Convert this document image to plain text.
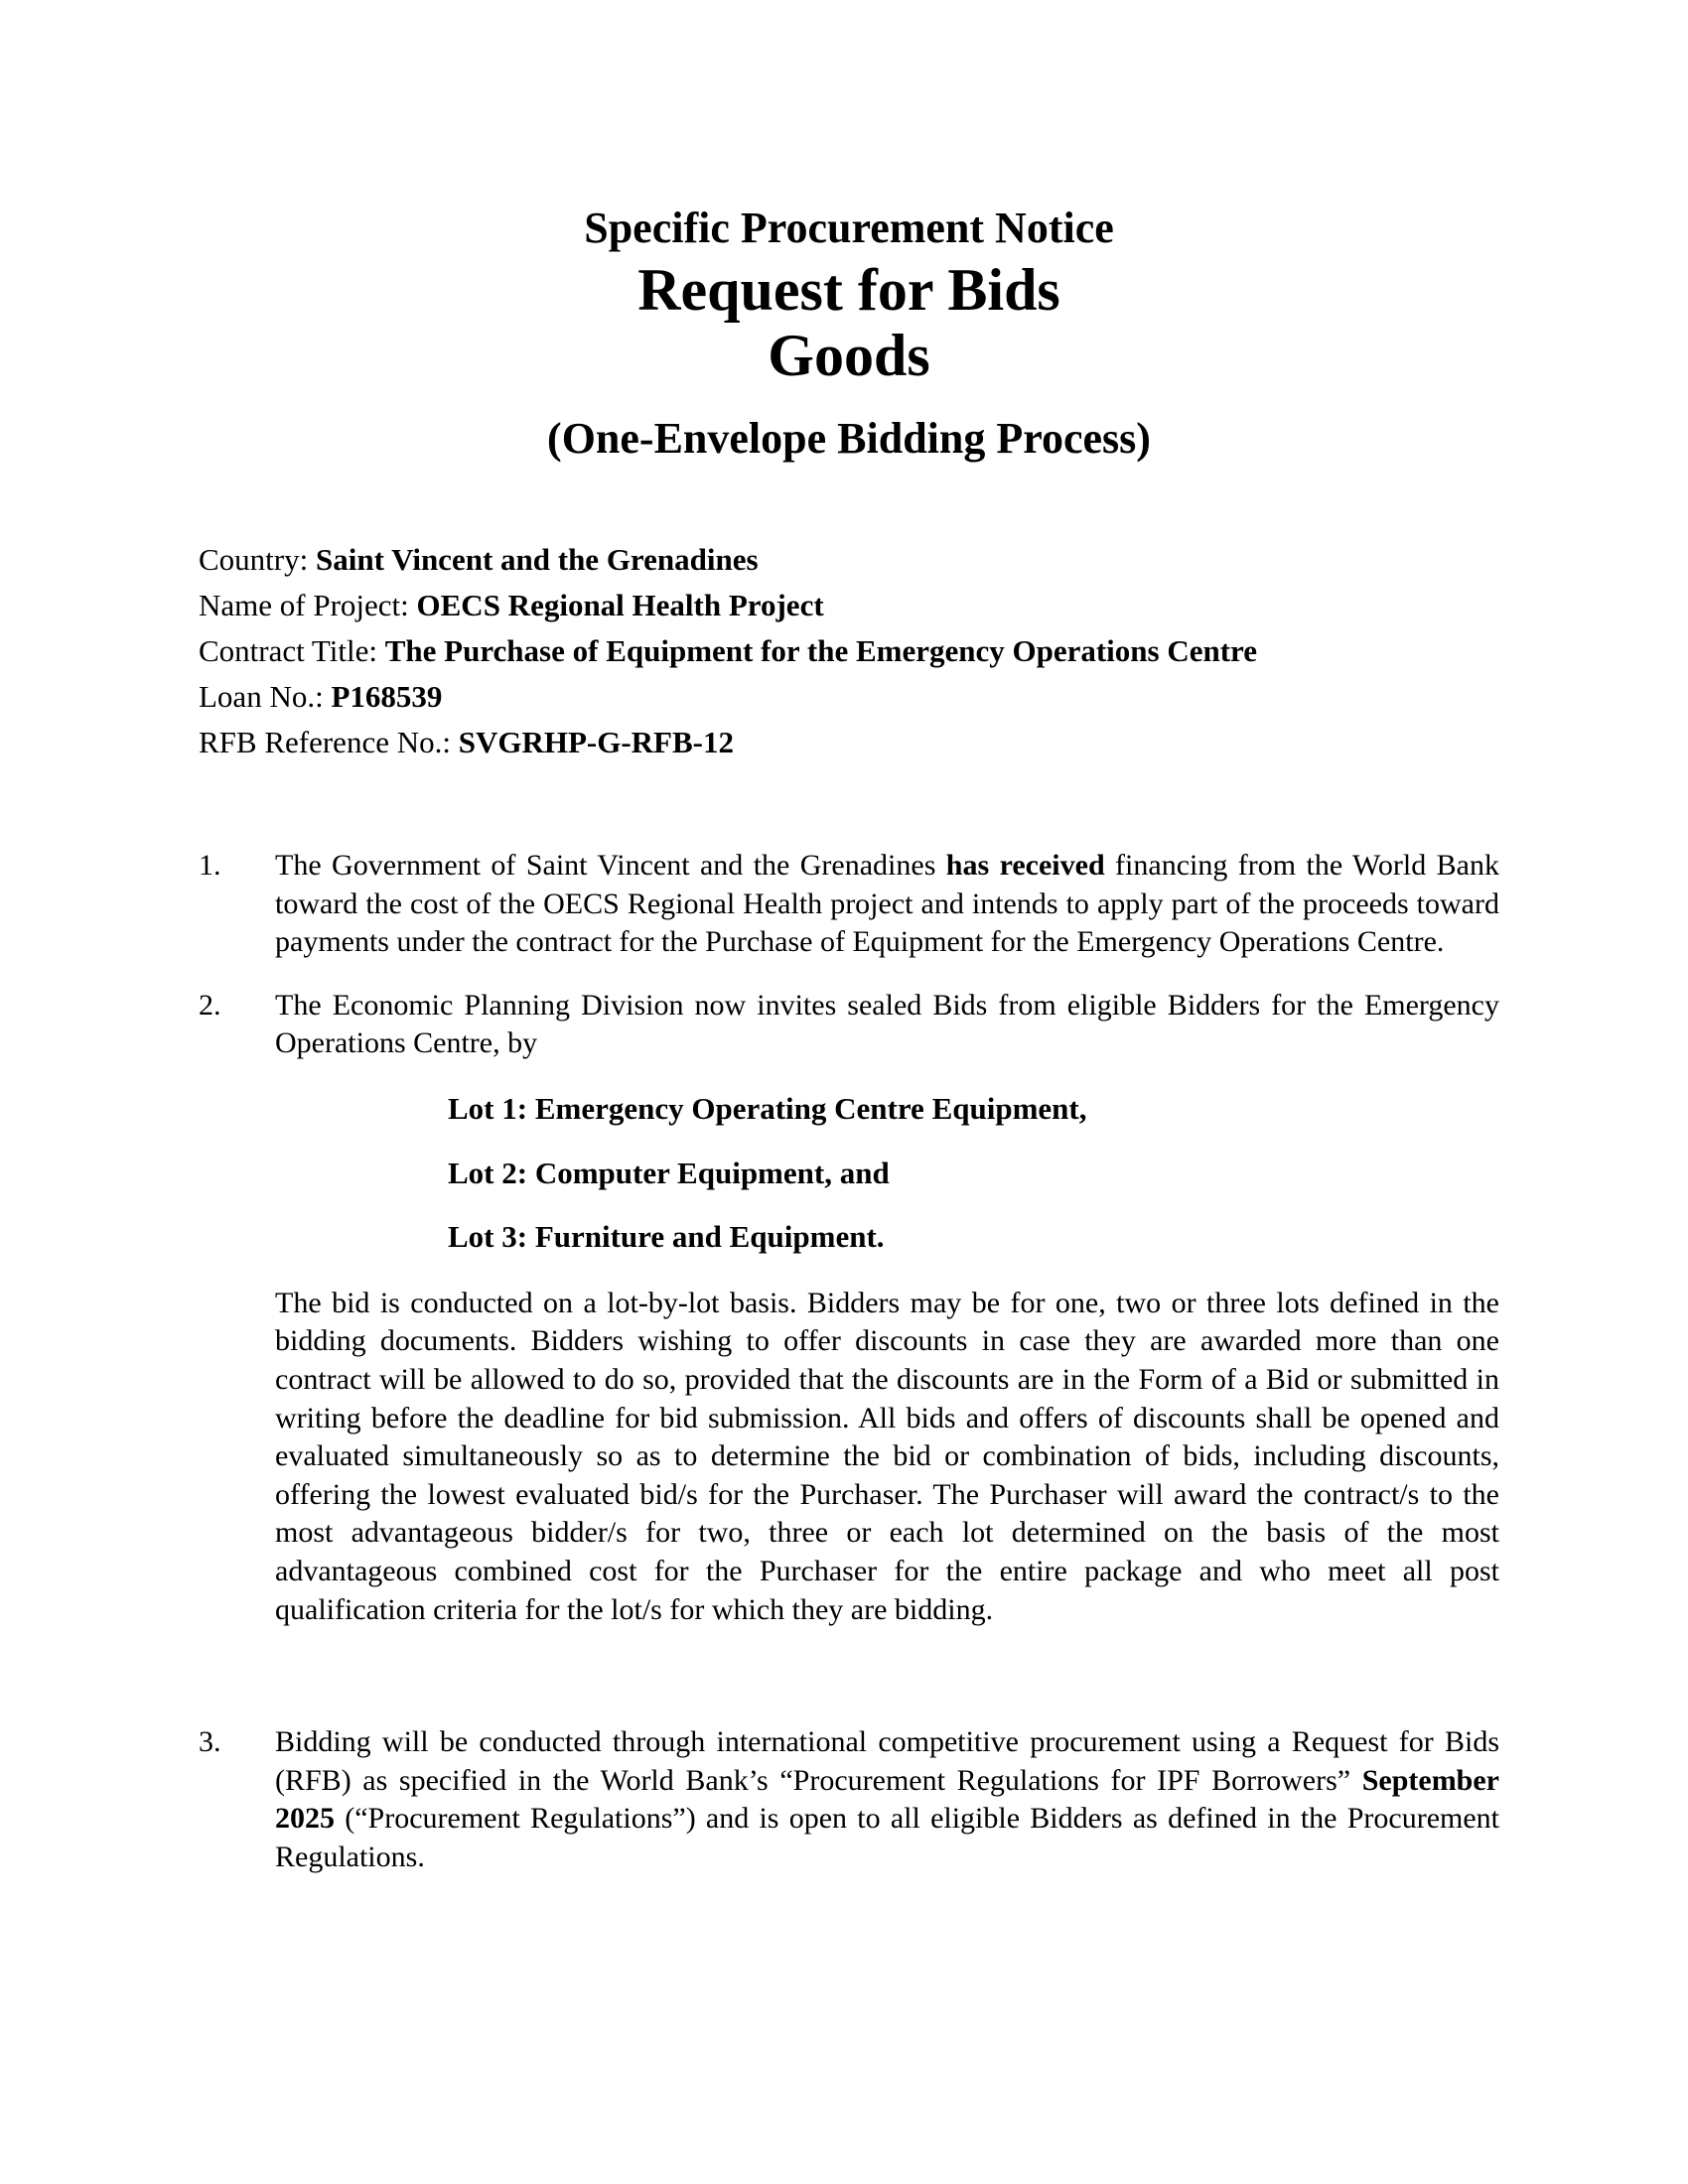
Specific Procurement Notice
Request for Bids
Goods
(One-Envelope Bidding Process)
Country: Saint Vincent and the Grenadines
Name of Project: OECS Regional Health Project
Contract Title: The Purchase of Equipment for the Emergency Operations Centre
Loan No.: P168539
RFB Reference No.: SVGRHP-G-RFB-12
1.	The Government of Saint Vincent and the Grenadines has received financing from the World Bank toward the cost of the OECS Regional Health project and intends to apply part of the proceeds toward payments under the contract for the Purchase of Equipment for the Emergency Operations Centre.
2.	The Economic Planning Division now invites sealed Bids from eligible Bidders for the Emergency Operations Centre, by
Lot 1: Emergency Operating Centre Equipment,
Lot 2: Computer Equipment, and
Lot 3: Furniture and Equipment.
The bid is conducted on a lot-by-lot basis. Bidders may be for one, two or three lots defined in the bidding documents. Bidders wishing to offer discounts in case they are awarded more than one contract will be allowed to do so, provided that the discounts are in the Form of a Bid or submitted in writing before the deadline for bid submission. All bids and offers of discounts shall be opened and evaluated simultaneously so as to determine the bid or combination of bids, including discounts, offering the lowest evaluated bid/s for the Purchaser. The Purchaser will award the contract/s to the most advantageous bidder/s for two, three or each lot determined on the basis of the most advantageous combined cost for the Purchaser for the entire package and who meet all post qualification criteria for the lot/s for which they are bidding.
3.	Bidding will be conducted through international competitive procurement using a Request for Bids (RFB) as specified in the World Bank’s “Procurement Regulations for IPF Borrowers” September 2025 (“Procurement Regulations”) and is open to all eligible Bidders as defined in the Procurement Regulations.
